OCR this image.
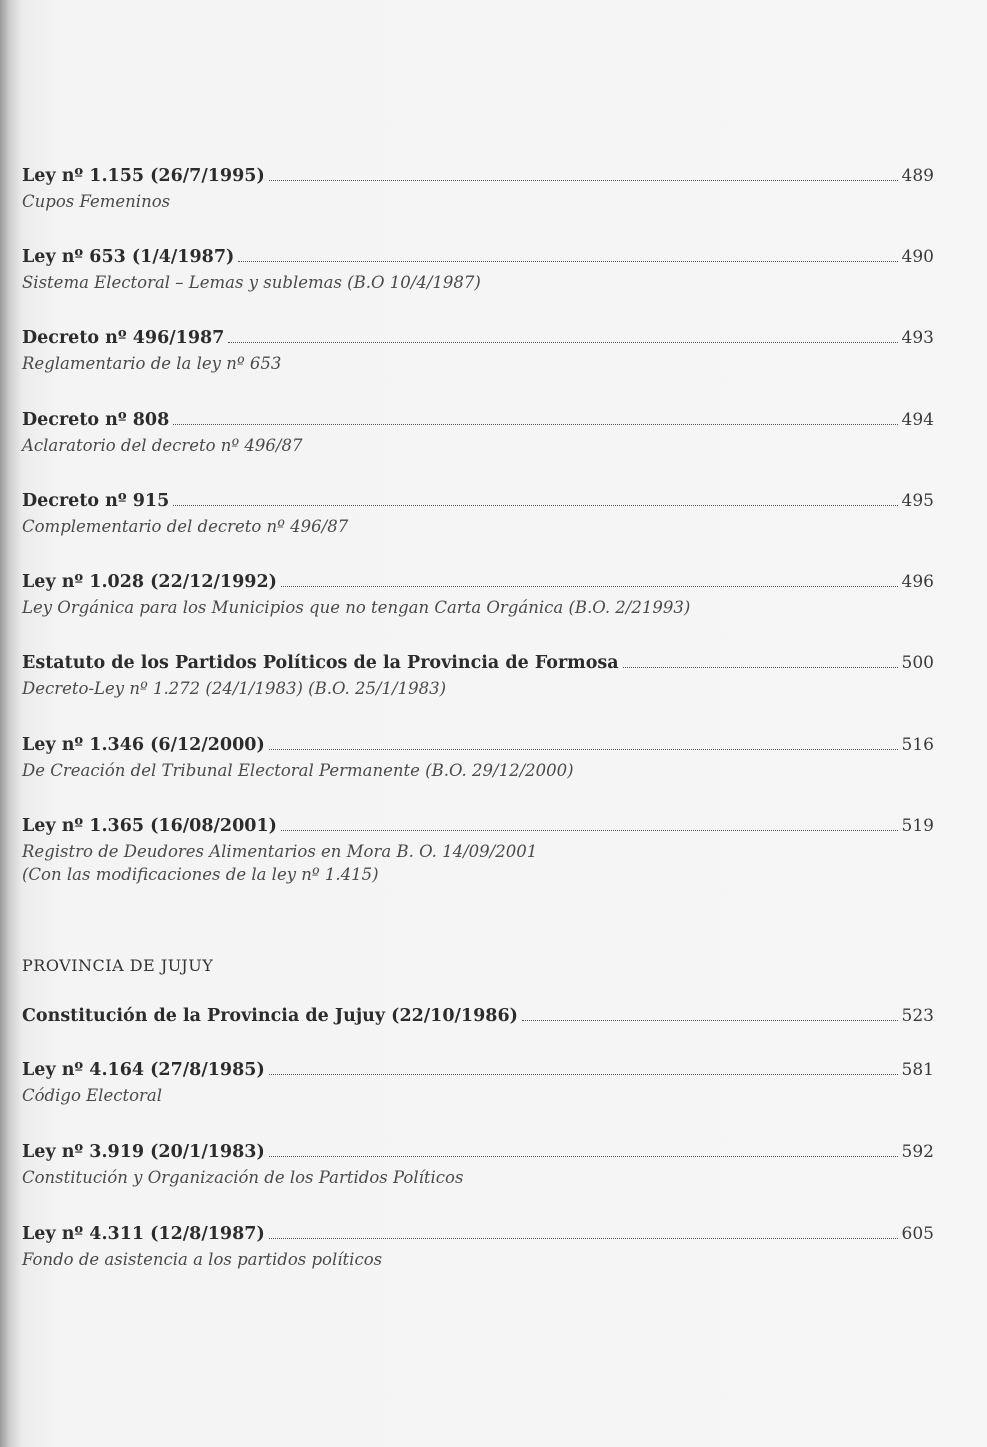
Ley nº 1.155 (26/7/1995)	489
Cupos Femeninos
Ley nº 653 (1/4/1987)	490
Sistema Electoral – Lemas y sublemas (B.O 10/4/1987)
Decreto nº 496/1987	493
Reglamentario de la ley nº 653
Decreto nº 808	494
Aclaratorio del decreto nº 496/87
Decreto nº 915	495
Complementario del decreto nº 496/87
Ley nº 1.028 (22/12/1992)	496
Ley Orgánica para los Municipios que no tengan Carta Orgánica (B.O. 2/21993)
Estatuto de los Partidos Políticos de la Provincia de Formosa	500
Decreto-Ley nº 1.272 (24/1/1983) (B.O. 25/1/1983)
Ley nº 1.346 (6/12/2000)	516
De Creación del Tribunal Electoral Permanente (B.O. 29/12/2000)
Ley nº 1.365 (16/08/2001)	519
Registro de Deudores Alimentarios en Mora B. O. 14/09/2001
(Con las modificaciones de la ley nº 1.415)
PROVINCIA DE JUJUY
Constitución de la Provincia de Jujuy (22/10/1986)	523
Ley nº 4.164 (27/8/1985)	581
Código Electoral
Ley nº 3.919 (20/1/1983)	592
Constitución y Organización de los Partidos Políticos
Ley nº 4.311 (12/8/1987)	605
Fondo de asistencia a los partidos políticos
